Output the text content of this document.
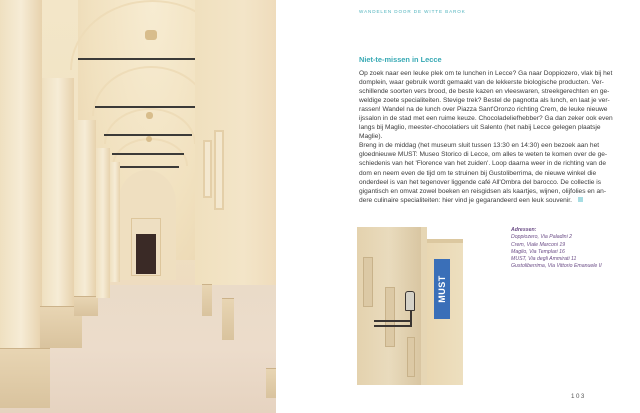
WANDELEN DOOR DE WITTE BAROK
Niet-te-missen in Lecce
Op zoek naar een leuke plek om te lunchen in Lecce? Ga naar Doppiozero, vlak bij het
domplein, waar gebruik wordt gemaakt van de lekkerste biologische producten. Ver-
schillende soorten vers brood, de beste kazen en vleeswaren, streekgerechten en ge-
weldige zoete specialiteiten. Stevige trek? Bestel de pagnotta als lunch, en laat je ver-
rassen! Wandel na de lunch over Piazza Sant'Oronzo richting Crem, de leuke nieuwe
ijssalon in de stad met een ruime keuze. Chocoladeliefhebber? Ga dan zeker ook even
langs bij Maglio, meester-chocolatiers uit Salento (het nabij Lecce gelegen plaatsje
Maglie).
Breng in de middag (het museum sluit tussen 13:30 en 14:30) een bezoek aan het
gloednieuwe MUST: Museo Storico di Lecce, om alles te weten te komen over de ge-
schiedenis van het 'Florence van het zuiden'. Loop daarna weer in de richting van de
dom en neem even de tijd om te struinen bij Gustoliberrima, de nieuwe winkel die
onderdeel is van het tegenover liggende café All'Ombra del barocco. De collectie is
gigantisch en omvat zowel boeken en reisgidsen als kaartjes, wijnen, olijfolies en an-
dere culinaire specialiteiten: hier vind je gegarandeerd een leuk souvenir.
MUST
Adressen:
Doppiozero, Via Paladini 2
Crem, Viale Marconi 19
Maglio, Via Templari 16
MUST, Via degli Ammirati 11
Gustoliberrima, Via Vittorio Emanuele II
103
